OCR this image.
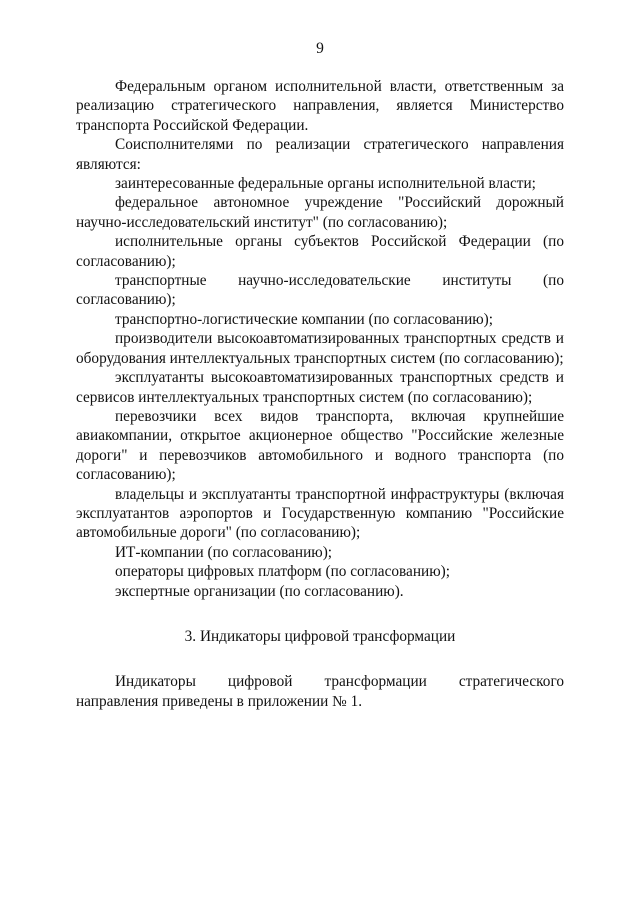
9

Федеральным органом исполнительной власти, ответственным за реализацию стратегического направления, является Министерство транспорта Российской Федерации.

Соисполнителями по реализации стратегического направления являются:

заинтересованные федеральные органы исполнительной власти;

федеральное автономное учреждение "Российский дорожный научно-исследовательский институт" (по согласованию);

исполнительные органы субъектов Российской Федерации (по согласованию);

транспортные научно-исследовательские институты (по согласованию);

транспортно-логистические компании (по согласованию);

производители высокоавтоматизированных транспортных средств и оборудования интеллектуальных транспортных систем (по согласованию);

эксплуатанты высокоавтоматизированных транспортных средств и сервисов интеллектуальных транспортных систем (по согласованию);

перевозчики всех видов транспорта, включая крупнейшие авиакомпании, открытое акционерное общество "Российские железные дороги" и перевозчиков автомобильного и водного транспорта (по согласованию);

владельцы и эксплуатанты транспортной инфраструктуры (включая эксплуатантов аэропортов и Государственную компанию "Российские автомобильные дороги" (по согласованию);

ИТ-компании (по согласованию);

операторы цифровых платформ (по согласованию);

экспертные организации (по согласованию).

3. Индикаторы цифровой трансформации

Индикаторы цифровой трансформации стратегического направления приведены в приложении № 1.
